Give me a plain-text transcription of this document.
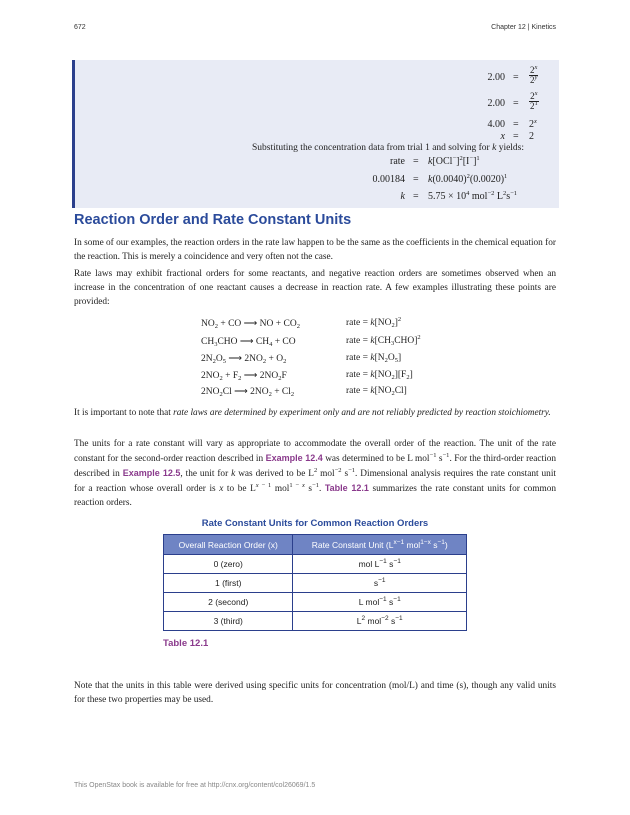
672	Chapter 12 | Kinetics
$2.00 = \frac{2^x}{2^y}$
$2.00 = \frac{2^x}{2^1}$
$4.00 = 2^x$
x = 2
Substituting the concentration data from trial 1 and solving for k yields:
rate = $k[OCl^-]^2[I^-]^1$
$0.00184 = k(0.0040)^2(0.0020)^1$
$k = 5.75 \times 10^4$ mol$^{-2}$ $L^2s^{-1}$
Reaction Order and Rate Constant Units

In some of our examples, the reaction orders in the rate law happen to be the same as the coefficients in the chemical equation for the reaction. This is merely a coincidence and very often not the case.

Rate laws may exhibit fractional orders for some reactants, and negative reaction orders are sometimes observed when an increase in the concentration of one reactant causes a decrease in reaction rate. A few examples illustrating these points are provided:

$NO_2$ + CO ⟶ NO + $CO_2$	rate = $k[NO_2]^2$
$CH_3CHO$ ⟶ $CH_4$ + CO	rate = $k[CH_3CHO]^2$
$2N_2O_5$ ⟶ $2NO_2 + O_2$	rate = $k[N_2O_5]$
$2NO_2 + F_2$ ⟶ $2NO_2F$	rate = $k[NO_2][F_2]$
$2NO_2Cl$ ⟶ $2NO_2 + Cl_2$	rate = $k[NO_2Cl]$

It is important to note that rate laws are determined by experiment only and are not reliably predicted by reaction stoichiometry.

The units for a rate constant will vary as appropriate to accommodate the overall order of the reaction. The unit of the rate constant for the second-order reaction described in Example 12.4 was determined to be L mol$^{-1}$ $s^{-1}$. For the third-order reaction described in Example 12.5, the unit for k was derived to be $L^2$ mol$^{-2}$ $s^{-1}$. Dimensional analysis requires the rate constant unit for a reaction whose overall order is x to be $L^{x - 1}$ mol$^{1 - x}$ $s^{-1}$. Table 12.1 summarizes the rate constant units for common reaction orders.

Rate Constant Units for Common Reaction Orders
Overall Reaction Order (x)	Rate Constant Unit ($L^{x-1}$ mol$^{1-x}$ $s^{-1}$)
0 (zero)	mol $L^{-1}$ $s^{-1}$
1 (first)	$s^{-1}$
2 (second)	L mol$^{-1}$ $s^{-1}$
3 (third)	$L^2$ mol$^{-2}$ $s^{-1}$
Table 12.1

Note that the units in this table were derived using specific units for concentration (mol/L) and time (s), though any valid units for these two properties may be used.

This OpenStax book is available for free at http://cnx.org/content/col26069/1.5
